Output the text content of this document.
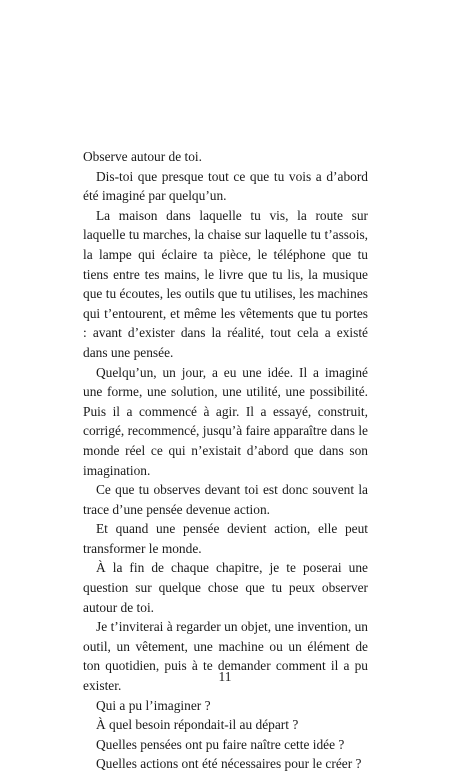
Observe autour de toi.

Dis-toi que presque tout ce que tu vois a d’abord été imaginé par quelqu’un.

La maison dans laquelle tu vis, la route sur laquelle tu marches, la chaise sur laquelle tu t’assois, la lampe qui éclaire ta pièce, le téléphone que tu tiens entre tes mains, le livre que tu lis, la musique que tu écoutes, les outils que tu utilises, les machines qui t’entourent, et même les vêtements que tu portes : avant d’exister dans la réalité, tout cela a existé dans une pensée.

Quelqu’un, un jour, a eu une idée. Il a imaginé une forme, une solution, une utilité, une possibilité. Puis il a commencé à agir. Il a essayé, construit, corrigé, recommencé, jusqu’à faire apparaître dans le monde réel ce qui n’existait d’abord que dans son imagination.

Ce que tu observes devant toi est donc souvent la trace d’une pensée devenue action.

Et quand une pensée devient action, elle peut transformer le monde.

À la fin de chaque chapitre, je te poserai une question sur quelque chose que tu peux observer autour de toi.

Je t’inviterai à regarder un objet, une invention, un outil, un vêtement, une machine ou un élément de ton quotidien, puis à te demander comment il a pu exister.

Qui a pu l’imaginer ?

À quel besoin répondait-il au départ ?

Quelles pensées ont pu faire naître cette idée ?

Quelles actions ont été nécessaires pour le créer ?

11
